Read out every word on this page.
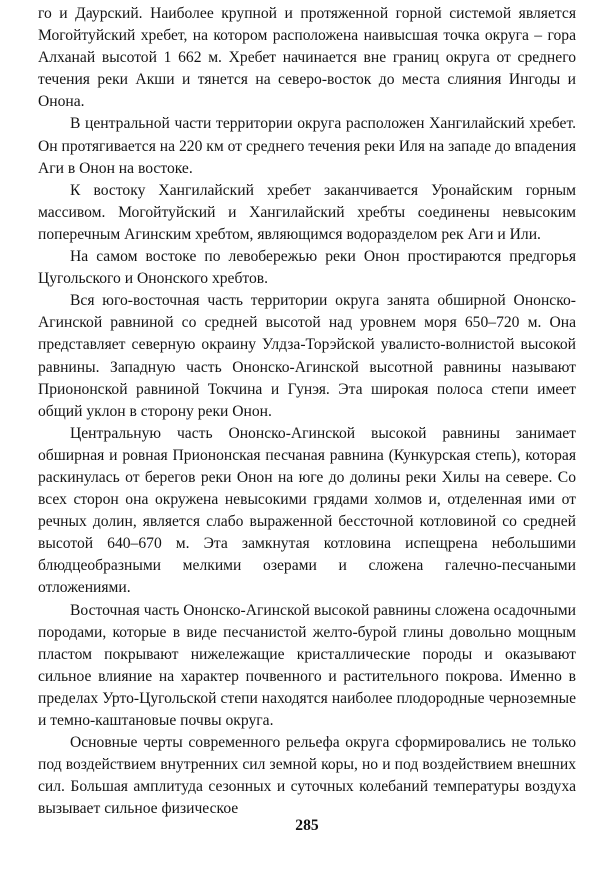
го и Даурский. Наиболее крупной и протяженной горной системой является Могойтуйский хребет, на котором расположена наивысшая точка округа – гора Алханай высотой 1 662 м. Хребет начинается вне границ округа от среднего течения реки Акши и тянется на северо-восток до места слияния Ингоды и Онона.

В центральной части территории округа расположен Хангилайский хребет. Он протягивается на 220 км от среднего течения реки Иля на западе до впадения Аги в Онон на востоке.

К востоку Хангилайский хребет заканчивается Уронайским горным массивом. Могойтуйский и Хангилайский хребты соединены невысоким поперечным Агинским хребтом, являющимся водоразделом рек Аги и Или.

На самом востоке по левобережью реки Онон простираются предгорья Цугольского и Ононского хребтов.

Вся юго-восточная часть территории округа занята обширной Ононско-Агинской равниной со средней высотой над уровнем моря 650–720 м. Она представляет северную окраину Улдза-Торэйской увалисто-волнистой высокой равнины. Западную часть Ононско-Агинской высотной равнины называют Приононской равниной Токчина и Гунэя. Эта широкая полоса степи имеет общий уклон в сторону реки Онон.

Центральную часть Ононско-Агинской высокой равнины занимает обширная и ровная Приононская песчаная равнина (Кункурская степь), которая раскинулась от берегов реки Онон на юге до долины реки Хилы на севере. Со всех сторон она окружена невысокими грядами холмов и, отделенная ими от речных долин, является слабо выраженной бессточной котловиной со средней высотой 640–670 м. Эта замкнутая котловина испещрена небольшими блюдцеобразными мелкими озерами и сложена галечно-песчаными отложениями.

Восточная часть Ононско-Агинской высокой равнины сложена осадочными породами, которые в виде песчанистой желто-бурой глины довольно мощным пластом покрывают нижележащие кристаллические породы и оказывают сильное влияние на характер почвенного и растительного покрова. Именно в пределах Урто-Цугольской степи находятся наиболее плодородные черноземные и темно-каштановые почвы округа.

Основные черты современного рельефа округа сформировались не только под воздействием внутренних сил земной коры, но и под воздействием внешних сил. Большая амплитуда сезонных и суточных колебаний температуры воздуха вызывает сильное физическое

285
